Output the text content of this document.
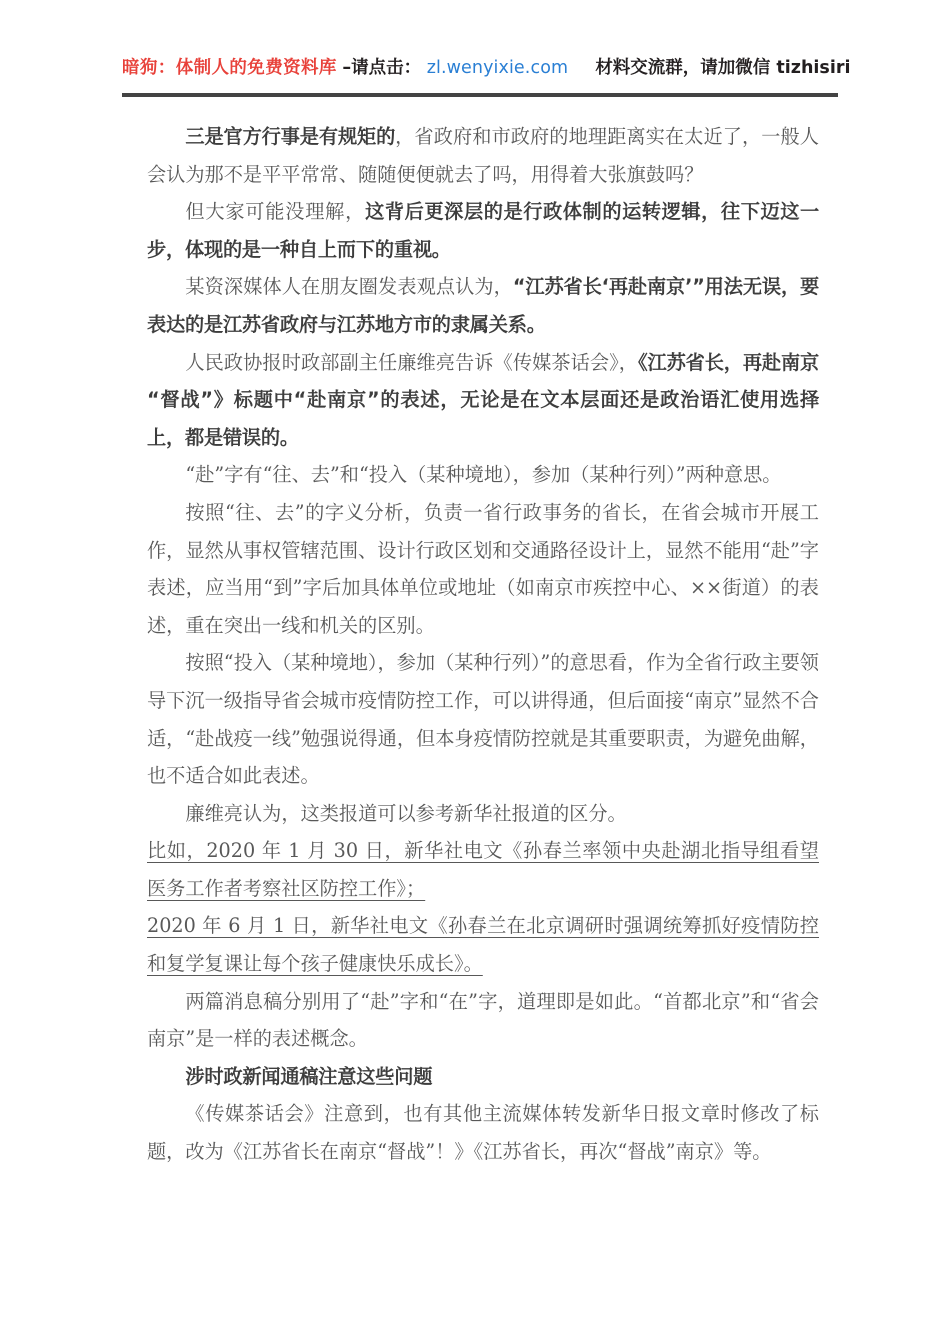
暗狗：体制人的免费资料库 –请点击： zl.wenyixie.com 材料交流群，请加微信 tizhisiri

三是官方行事是有规矩的，省政府和市政府的地理距离实在太近了，一般人会认为那不是平平常常、随随便便就去了吗，用得着大张旗鼓吗？

但大家可能没理解，这背后更深层的是行政体制的运转逻辑，往下迈这一步，体现的是一种自上而下的重视。

某资深媒体人在朋友圈发表观点认为，“江苏省长‘再赴南京’”用法无误，要表达的是江苏省政府与江苏地方市的隶属关系。

人民政协报时政部副主任廉维亮告诉《传媒茶话会》，《江苏省长，再赴南京“督战”》标题中“赴南京”的表述，无论是在文本层面还是政治语汇使用选择上，都是错误的。

“赴”字有“往、去”和“投入（某种境地），参加（某种行列）”两种意思。

按照“往、去”的字义分析，负责一省行政事务的省长，在省会城市开展工作，显然从事权管辖范围、设计行政区划和交通路径设计上，显然不能用“赴”字表述，应当用“到”字后加具体单位或地址（如南京市疾控中心、××街道）的表述，重在突出一线和机关的区别。

按照“投入（某种境地），参加（某种行列）”的意思看，作为全省行政主要领导下沉一级指导省会城市疫情防控工作，可以讲得通，但后面接“南京”显然不合适，“赴战疫一线”勉强说得通，但本身疫情防控就是其重要职责，为避免曲解，也不适合如此表述。

廉维亮认为，这类报道可以参考新华社报道的区分。

比如，2020 年 1 月 30 日，新华社电文《孙春兰率领中央赴湖北指导组看望医务工作者考察社区防控工作》；

2020 年 6 月 1 日，新华社电文《孙春兰在北京调研时强调统筹抓好疫情防控和复学复课让每个孩子健康快乐成长》。

两篇消息稿分别用了“赴”字和“在”字，道理即是如此。“首都北京”和“省会南京”是一样的表述概念。

涉时政新闻通稿注意这些问题

《传媒茶话会》注意到，也有其他主流媒体转发新华日报文章时修改了标题，改为《江苏省长在南京“督战”！》《江苏省长，再次“督战”南京》等。
